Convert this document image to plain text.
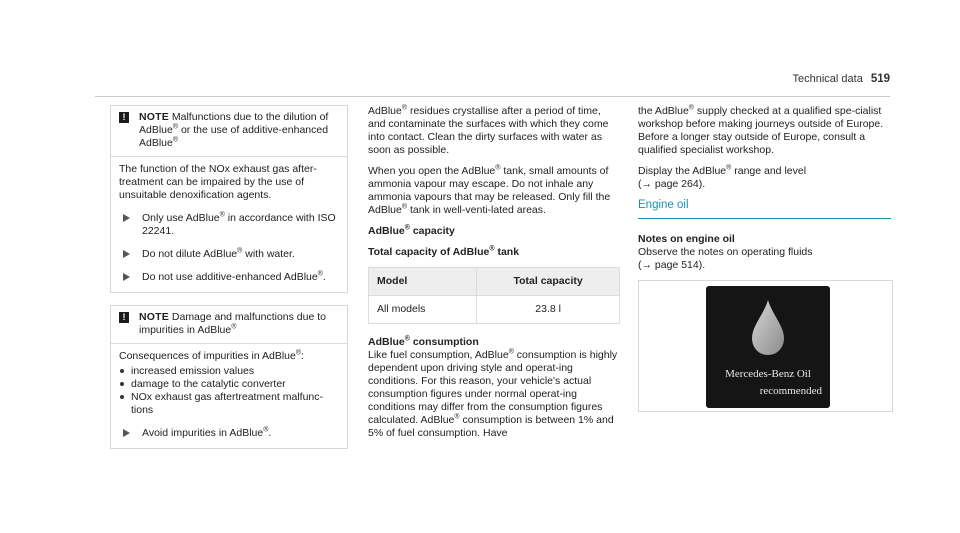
Technical data 519
!	NOTE Malfunctions due to the dilution of AdBlue® or the use of additive-enhanced AdBlue®

The function of the NOx exhaust gas after-treatment can be impaired by the use of unsuitable denoxification agents.

Only use AdBlue® in accordance with ISO 22241.
Do not dilute AdBlue® with water.
Do not use additive-enhanced AdBlue®.
!	NOTE Damage and malfunctions due to impurities in AdBlue®

Consequences of impurities in AdBlue®:

increased emission values
damage to the catalytic converter
NOx exhaust gas aftertreatment malfunc-tions
Avoid impurities in AdBlue®.

AdBlue® residues crystallise after a period of time, and contaminate the surfaces with which they come into contact. Clean the dirty surfaces with water as soon as possible.

When you open the AdBlue® tank, small amounts of ammonia vapour may escape. Do not inhale any ammonia vapours that may be released. Only fill the AdBlue® tank in well-venti-lated areas.

AdBlue® capacity
Total capacity of AdBlue® tank
Model	Total capacity
All models	23.8 l
AdBlue® consumption

Like fuel consumption, AdBlue® consumption is highly dependent upon driving style and operat-ing conditions. For this reason, your vehicle's actual consumption figures under normal operat-ing conditions may differ from the consumption figures calculated. AdBlue® consumption is between 1% and 5% of fuel consumption. Have

the AdBlue® supply checked at a qualified spe-cialist workshop before making journeys outside of Europe. Before a longer stay outside of Europe, consult a qualified specialist workshop.

Display the AdBlue® range and level
(→ page 264).

Engine oil
Notes on engine oil

Observe the notes on operating fluids
(→ page 514).

Mercedes-Benz Oil
recommended
